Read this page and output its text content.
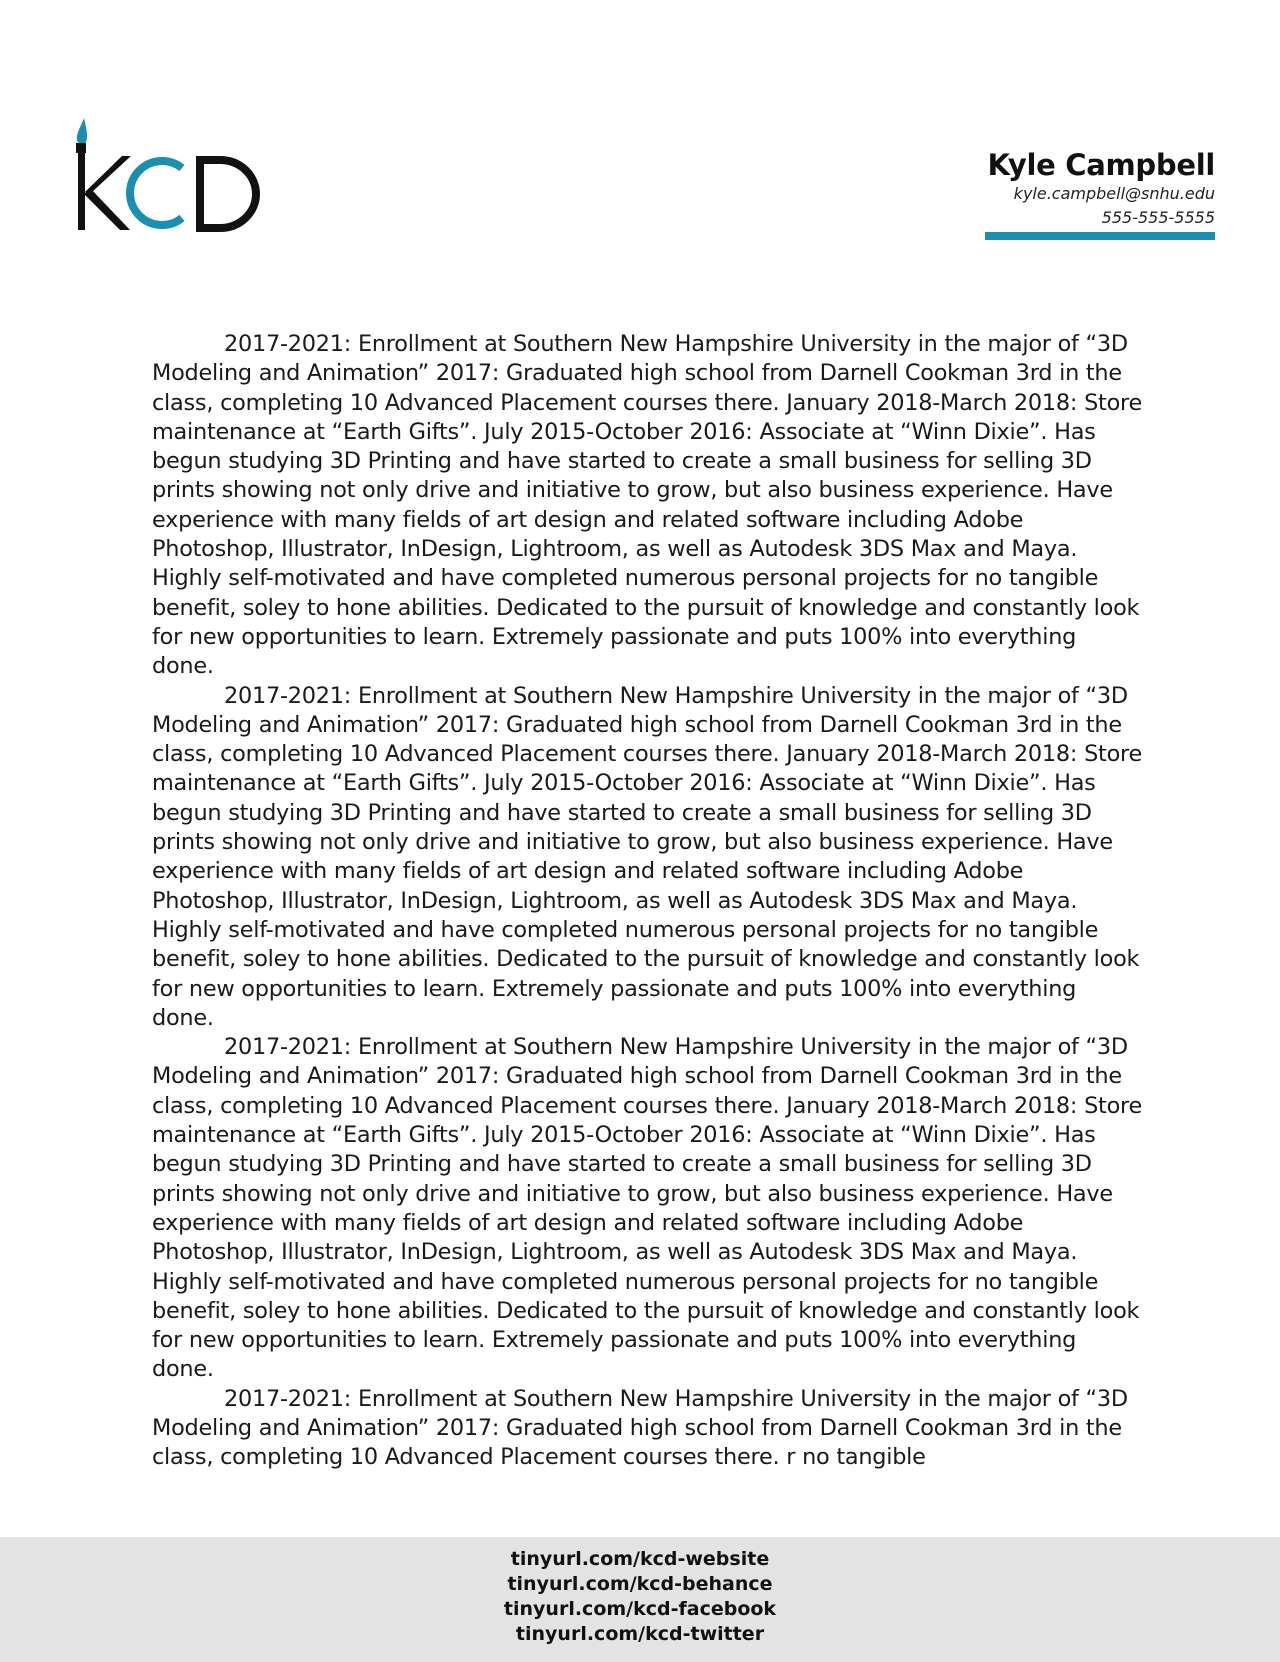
Kyle Campbell
kyle.campbell@snhu.edu
555-555-5555

2017-2021: Enrollment at Southern New Hampshire University in the major of “3D Modeling and Animation” 2017: Graduated high school from Darnell Cookman 3rd in the class, completing 10 Advanced Placement courses there. January 2018-March 2018: Store maintenance at “Earth Gifts”. July 2015-October 2016: Associate at “Winn Dixie”. Has begun studying 3D Printing and have started to create a small business for selling 3D prints showing not only drive and initiative to grow, but also business experience. Have experience with many fields of art design and related software including Adobe Photoshop, Illustrator, InDesign, Lightroom, as well as Autodesk 3DS Max and Maya. Highly self-motivated and have completed numerous personal projects for no tangible benefit, soley to hone abilities. Dedicated to the pursuit of knowledge and constantly look for new opportunities to learn. Extremely passionate and puts 100% into everything done.

2017-2021: Enrollment at Southern New Hampshire University in the major of “3D Modeling and Animation” 2017: Graduated high school from Darnell Cookman 3rd in the class, completing 10 Advanced Placement courses there. January 2018-March 2018: Store maintenance at “Earth Gifts”. July 2015-October 2016: Associate at “Winn Dixie”. Has begun studying 3D Printing and have started to create a small business for selling 3D prints showing not only drive and initiative to grow, but also business experience. Have experience with many fields of art design and related software including Adobe Photoshop, Illustrator, InDesign, Lightroom, as well as Autodesk 3DS Max and Maya. Highly self-motivated and have completed numerous personal projects for no tangible benefit, soley to hone abilities. Dedicated to the pursuit of knowledge and constantly look for new opportunities to learn. Extremely passionate and puts 100% into everything done.

2017-2021: Enrollment at Southern New Hampshire University in the major of “3D Modeling and Animation” 2017: Graduated high school from Darnell Cookman 3rd in the class, completing 10 Advanced Placement courses there. January 2018-March 2018: Store maintenance at “Earth Gifts”. July 2015-October 2016: Associate at “Winn Dixie”. Has begun studying 3D Printing and have started to create a small business for selling 3D prints showing not only drive and initiative to grow, but also business experience. Have experience with many fields of art design and related software including Adobe Photoshop, Illustrator, InDesign, Lightroom, as well as Autodesk 3DS Max and Maya. Highly self-motivated and have completed numerous personal projects for no tangible benefit, soley to hone abilities. Dedicated to the pursuit of knowledge and constantly look for new opportunities to learn. Extremely passionate and puts 100% into everything done.

2017-2021: Enrollment at Southern New Hampshire University in the major of “3D Modeling and Animation” 2017: Graduated high school from Darnell Cookman 3rd in the class, completing 10 Advanced Placement courses there. r no tangible

tinyurl.com/kcd-website
tinyurl.com/kcd-behance
tinyurl.com/kcd-facebook
tinyurl.com/kcd-twitter
